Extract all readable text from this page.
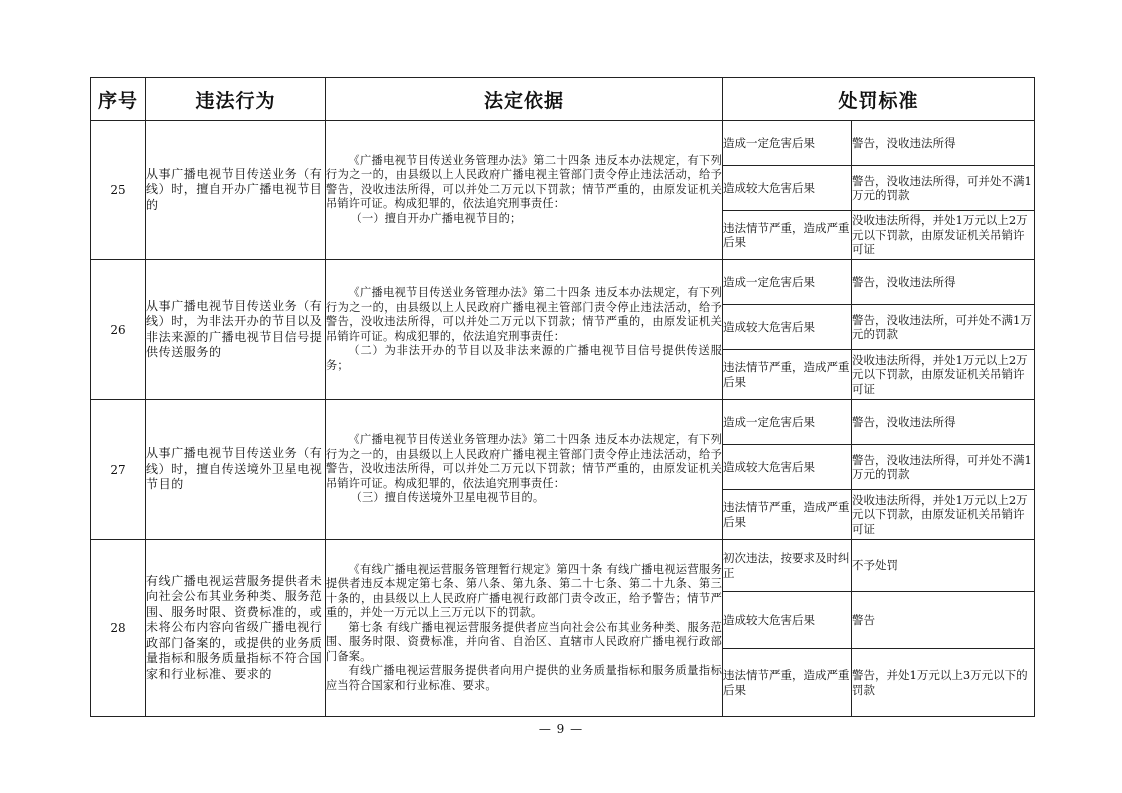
序号	违法行为	法定依据	处罚标准	
25	从事广播电视节目传送业务（有线）时，擅自开办广播电视节目的	《广播电视节目传送业务管理办法》第二十四条 违反本办法规定，有下列行为之一的，由县级以上人民政府广播电视主管部门责令停止违法活动，给予警告，没收违法所得，可以并处二万元以下罚款；情节严重的，由原发证机关吊销许可证。构成犯罪的，依法追究刑事责任：
（一）擅自开办广播电视节目的；	造成一定危害后果	警告，没收违法所得
			造成较大危害后果	警告，没收违法所得，可并处不满1万元的罚款
			违法情节严重，造成严重后果	没收违法所得，并处1万元以上2万元以下罚款，由原发证机关吊销许可证
26	从事广播电视节目传送业务（有线）时，为非法开办的节目以及非法来源的广播电视节目信号提供传送服务的	《广播电视节目传送业务管理办法》第二十四条 违反本办法规定，有下列行为之一的，由县级以上人民政府广播电视主管部门责令停止违法活动，给予警告，没收违法所得，可以并处二万元以下罚款；情节严重的，由原发证机关吊销许可证。构成犯罪的，依法追究刑事责任：
（二）为非法开办的节目以及非法来源的广播电视节目信号提供传送服务；	造成一定危害后果	警告，没收违法所得
			造成较大危害后果	警告，没收违法所，可并处不满1万元的罚款
			违法情节严重，造成严重后果	没收违法所得，并处1万元以上2万元以下罚款，由原发证机关吊销许可证
27	从事广播电视节目传送业务（有线）时，擅自传送境外卫星电视节目的	《广播电视节目传送业务管理办法》第二十四条 违反本办法规定，有下列行为之一的，由县级以上人民政府广播电视主管部门责令停止违法活动，给予警告，没收违法所得，可以并处二万元以下罚款；情节严重的，由原发证机关吊销许可证。构成犯罪的，依法追究刑事责任：
（三）擅自传送境外卫星电视节目的。	造成一定危害后果	警告，没收违法所得
			造成较大危害后果	警告，没收违法所得，可并处不满1万元的罚款
			违法情节严重，造成严重后果	没收违法所得，并处1万元以上2万元以下罚款，由原发证机关吊销许可证
28	有线广播电视运营服务提供者未向社会公布其业务种类、服务范围、服务时限、资费标准的，或未将公布内容向省级广播电视行政部门备案的，或提供的业务质量指标和服务质量指标不符合国家和行业标准、要求的	《有线广播电视运营服务管理暂行规定》第四十条 有线广播电视运营服务提供者违反本规定第七条、第八条、第九条、第二十七条、第二十九条、第三十条的，由县级以上人民政府广播电视行政部门责令改正，给予警告；情节严重的，并处一万元以上三万元以下的罚款。
第七条 有线广播电视运营服务提供者应当向社会公布其业务种类、服务范围、服务时限、资费标准，并向省、自治区、直辖市人民政府广播电视行政部门备案。
有线广播电视运营服务提供者向用户提供的业务质量指标和服务质量指标应当符合国家和行业标准、要求。	初次违法，按要求及时纠正	不予处罚
			造成较大危害后果	警告
			违法情节严重，造成严重后果	警告，并处1万元以上3万元以下的罚款
— 9 —
